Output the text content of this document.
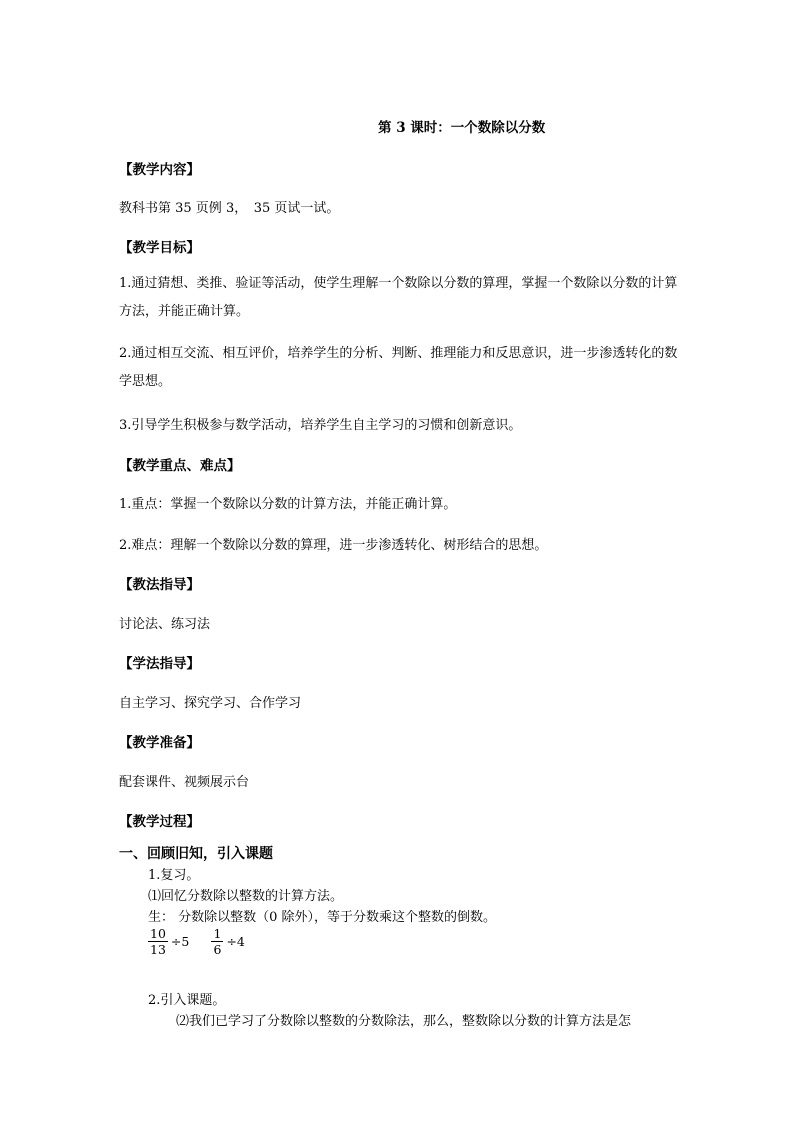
第 3 课时：一个数除以分数
【教学内容】
教科书第 35 页例 3，　35 页试一试。
【教学目标】
1.通过猜想、类推、验证等活动，使学生理解一个数除以分数的算理，掌握一个数除以分数的计算方法，并能正确计算。
2.通过相互交流、相互评价，培养学生的分析、判断、推理能力和反思意识，进一步渗透转化的数学思想。
3.引导学生积极参与数学活动，培养学生自主学习的习惯和创新意识。
【教学重点、难点】
1.重点：掌握一个数除以分数的计算方法，并能正确计算。
2.难点：理解一个数除以分数的算理，进一步渗透转化、树形结合的思想。
【教法指导】
讨论法、练习法
【学法指导】
自主学习、探究学习、合作学习
【教学准备】
配套课件、视频展示台
【教学过程】
一、回顾旧知，引入课题
1.复习。
⑴回忆分数除以整数的计算方法。
生： 分数除以整数（0 除外），等于分数乘这个整数的倒数。
$\frac{10}{13} \div 5$
$\frac{1}{6} \div 4$
2.引入课题。
⑵我们已学习了分数除以整数的分数除法，那么，整数除以分数的计算方法是怎
